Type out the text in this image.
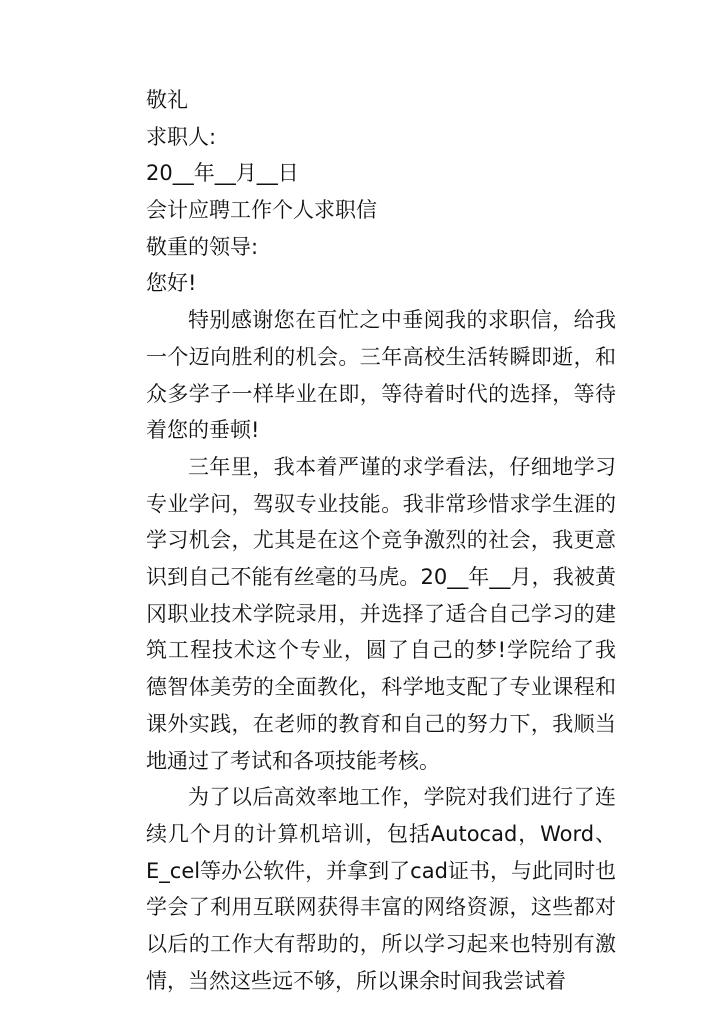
敬礼
求职人:
20__年__月__日
会计应聘工作个人求职信
敬重的领导:
您好!

特别感谢您在百忙之中垂阅我的求职信，给我一个迈向胜利的机会。三年高校生活转瞬即逝，和众多学子一样毕业在即，等待着时代的选择，等待着您的垂顿!

三年里，我本着严谨的求学看法，仔细地学习专业学问，驾驭专业技能。我非常珍惜求学生涯的学习机会，尤其是在这个竞争激烈的社会，我更意识到自己不能有丝毫的马虎。20__年__月，我被黄冈职业技术学院录用，并选择了适合自己学习的建筑工程技术这个专业，圆了自己的梦!学院给了我德智体美劳的全面教化，科学地支配了专业课程和课外实践，在老师的教育和自己的努力下，我顺当地通过了考试和各项技能考核。

为了以后高效率地工作，学院对我们进行了连续几个月的计算机培训，包括Autocad，Word、E_cel等办公软件，并拿到了cad证书，与此同时也学会了利用互联网获得丰富的网络资源，这些都对以后的工作大有帮助的，所以学习起来也特别有激情，当然这些远不够，所以课余时间我尝试着
